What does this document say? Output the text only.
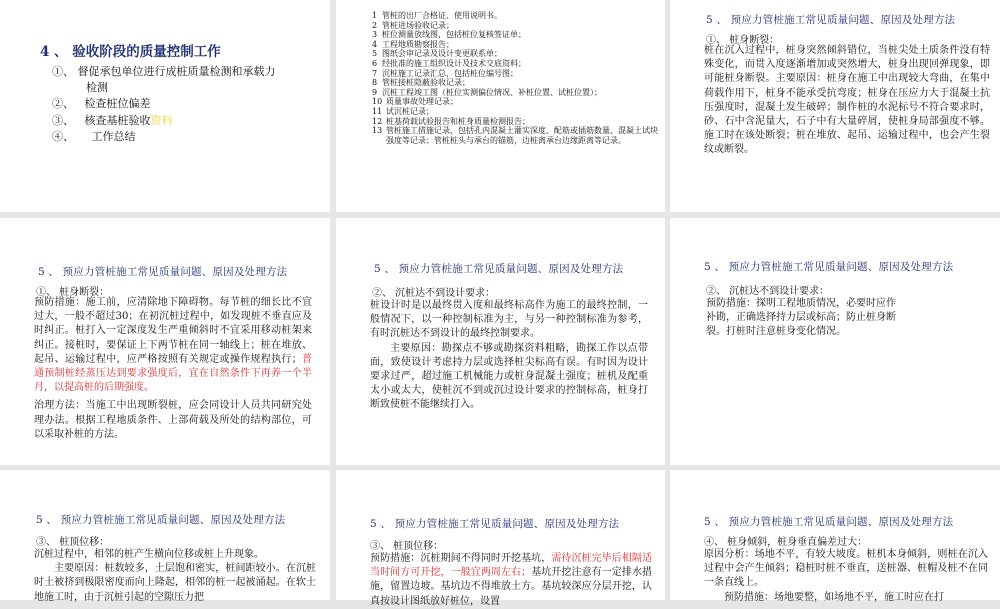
4 、 验收阶段的质量控制工作
①、 督促承包单位进行成桩质量检测和承载力
检测
②、 检查桩位偏差
③、 核查基桩验收资料
④、 工作总结
1 管桩的出厂合格证、使用说明书。
2 管桩进场验收记录；
3 桩位测量放线图，包括桩位复核签证单；
4 工程地质勘察报告；
5 图纸会审记录及设计变更联系单；
6 经批准的施工组织设计及技术交底资料；
7 沉桩施工记录汇总，包括桩位编号图；
8 管桩接桩隐蔽验收记录；
9 沉桩工程竣工图（桩位实测偏位情况、补桩位置、试桩位置）；
10 质量事故处理记录；
11 试沉桩记录；
12 桩基荷载试验报告和桩身质量检测报告；
13 管桩施工措施记录，包括孔内混凝土灌实深度、配筋或插筋数量、混凝土试块强度等记录；管桩桩头与承台的锚筋，边桩离承台边缘距离等记录。
5 、 预应力管桩施工常见质量问题、原因及处理方法
①、 桩身断裂：
桩在沉入过程中，桩身突然倾斜错位，当桩尖处土质条件没有特殊变化，而贯入度逐渐增加或突然增大，桩身出现回弹现象，即可能桩身断裂。主要原因：桩身在施工中出现较大弯曲，在集中荷载作用下，桩身不能承受抗弯度；桩身在压应力大于混凝土抗压强度时，混凝土发生破碎；制作桩的水泥标号不符合要求时，砂、石中含泥量大，石子中有大量碎屑，使桩身局部强度不够。施工时在该处断裂；桩在堆放、起吊、运输过程中，也会产生裂纹或断裂。
5 、 预应力管桩施工常见质量问题、原因及处理方法
①、 桩身断裂：
预防措施：施工前，应清除地下障碍物。每节桩的细长比不宜过大，一般不超过30；在初沉桩过程中，如发现桩不垂直应及时纠正。桩打入一定深度发生严重倾斜时不宜采用移动桩架来纠正。接桩时，要保证上下两节桩在同一轴线上；桩在堆放、起吊、运输过程中，应严格按照有关规定或操作规程执行；普通预制桩经蒸压达到要求强度后，宜在自然条件下再养一个半月，以提高桩的后期强度。
治理方法：当施工中出现断裂桩，应会同设计人员共同研究处理办法。根据工程地质条件、上部荷载及所处的结构部位，可以采取补桩的方法。
5 、 预应力管桩施工常见质量问题、原因及处理方法
②、 沉桩达不到设计要求：
桩设计时是以最终贯入度和最终标高作为施工的最终控制，一般情况下，以一种控制标准为主，与另一种控制标准为参考，有时沉桩达不到设计的最终控制要求。
主要原因：勘探点不够或勘探资料粗略，勘探工作以点带面，致使设计考虑持力层或选择桩尖标高有误。有时因为设计要求过严，超过施工机械能力或桩身混凝土强度；桩机及配重太小或太大，使桩沉不到或沉过设计要求的控制标高，桩身打断致使桩不能继续打入。
5 、 预应力管桩施工常见质量问题、原因及处理方法
②、 沉桩达不到设计要求：
预防措施：探明工程地质情况，必要时应作
补勘，正确选择持力层或标高；防止桩身断
裂。打桩时注意桩身变化情况。
5 、 预应力管桩施工常见质量问题、原因及处理方法
③、 桩顶位移：
沉桩过程中，相邻的桩产生横向位移或桩上升现象。
主要原因：桩数较多，土层饱和密实，桩间距较小。在沉桩时土被挤到极限密度而向上隆起，相邻的桩一起被涌起。在软土地施工时，由于沉桩引起的空隙压力把
5 、 预应力管桩施工常见质量问题、原因及处理方法
③、 桩顶位移：
预防措施：沉桩期间不得同时开挖基坑，需待沉桩完毕后相隔适当时间方可开挖，一般宜两周左右；基坑开挖注意有一定排水措施，留置边坡。基坑边不得堆放土方。基坑较深应分层开挖，认真按设计图纸放好桩位，设置
5 、 预应力管桩施工常见质量问题、原因及处理方法
④、 桩身倾斜，桩身垂直偏差过大：
原因分析：场地不平，有较大坡度。桩机本身倾斜，则桩在沉入过程中会产生倾斜；稳桩时桩不垂直，送桩器、桩帽及桩不在同一条直线上。
预防措施：场地要整，如场地不平，施工时应在打
